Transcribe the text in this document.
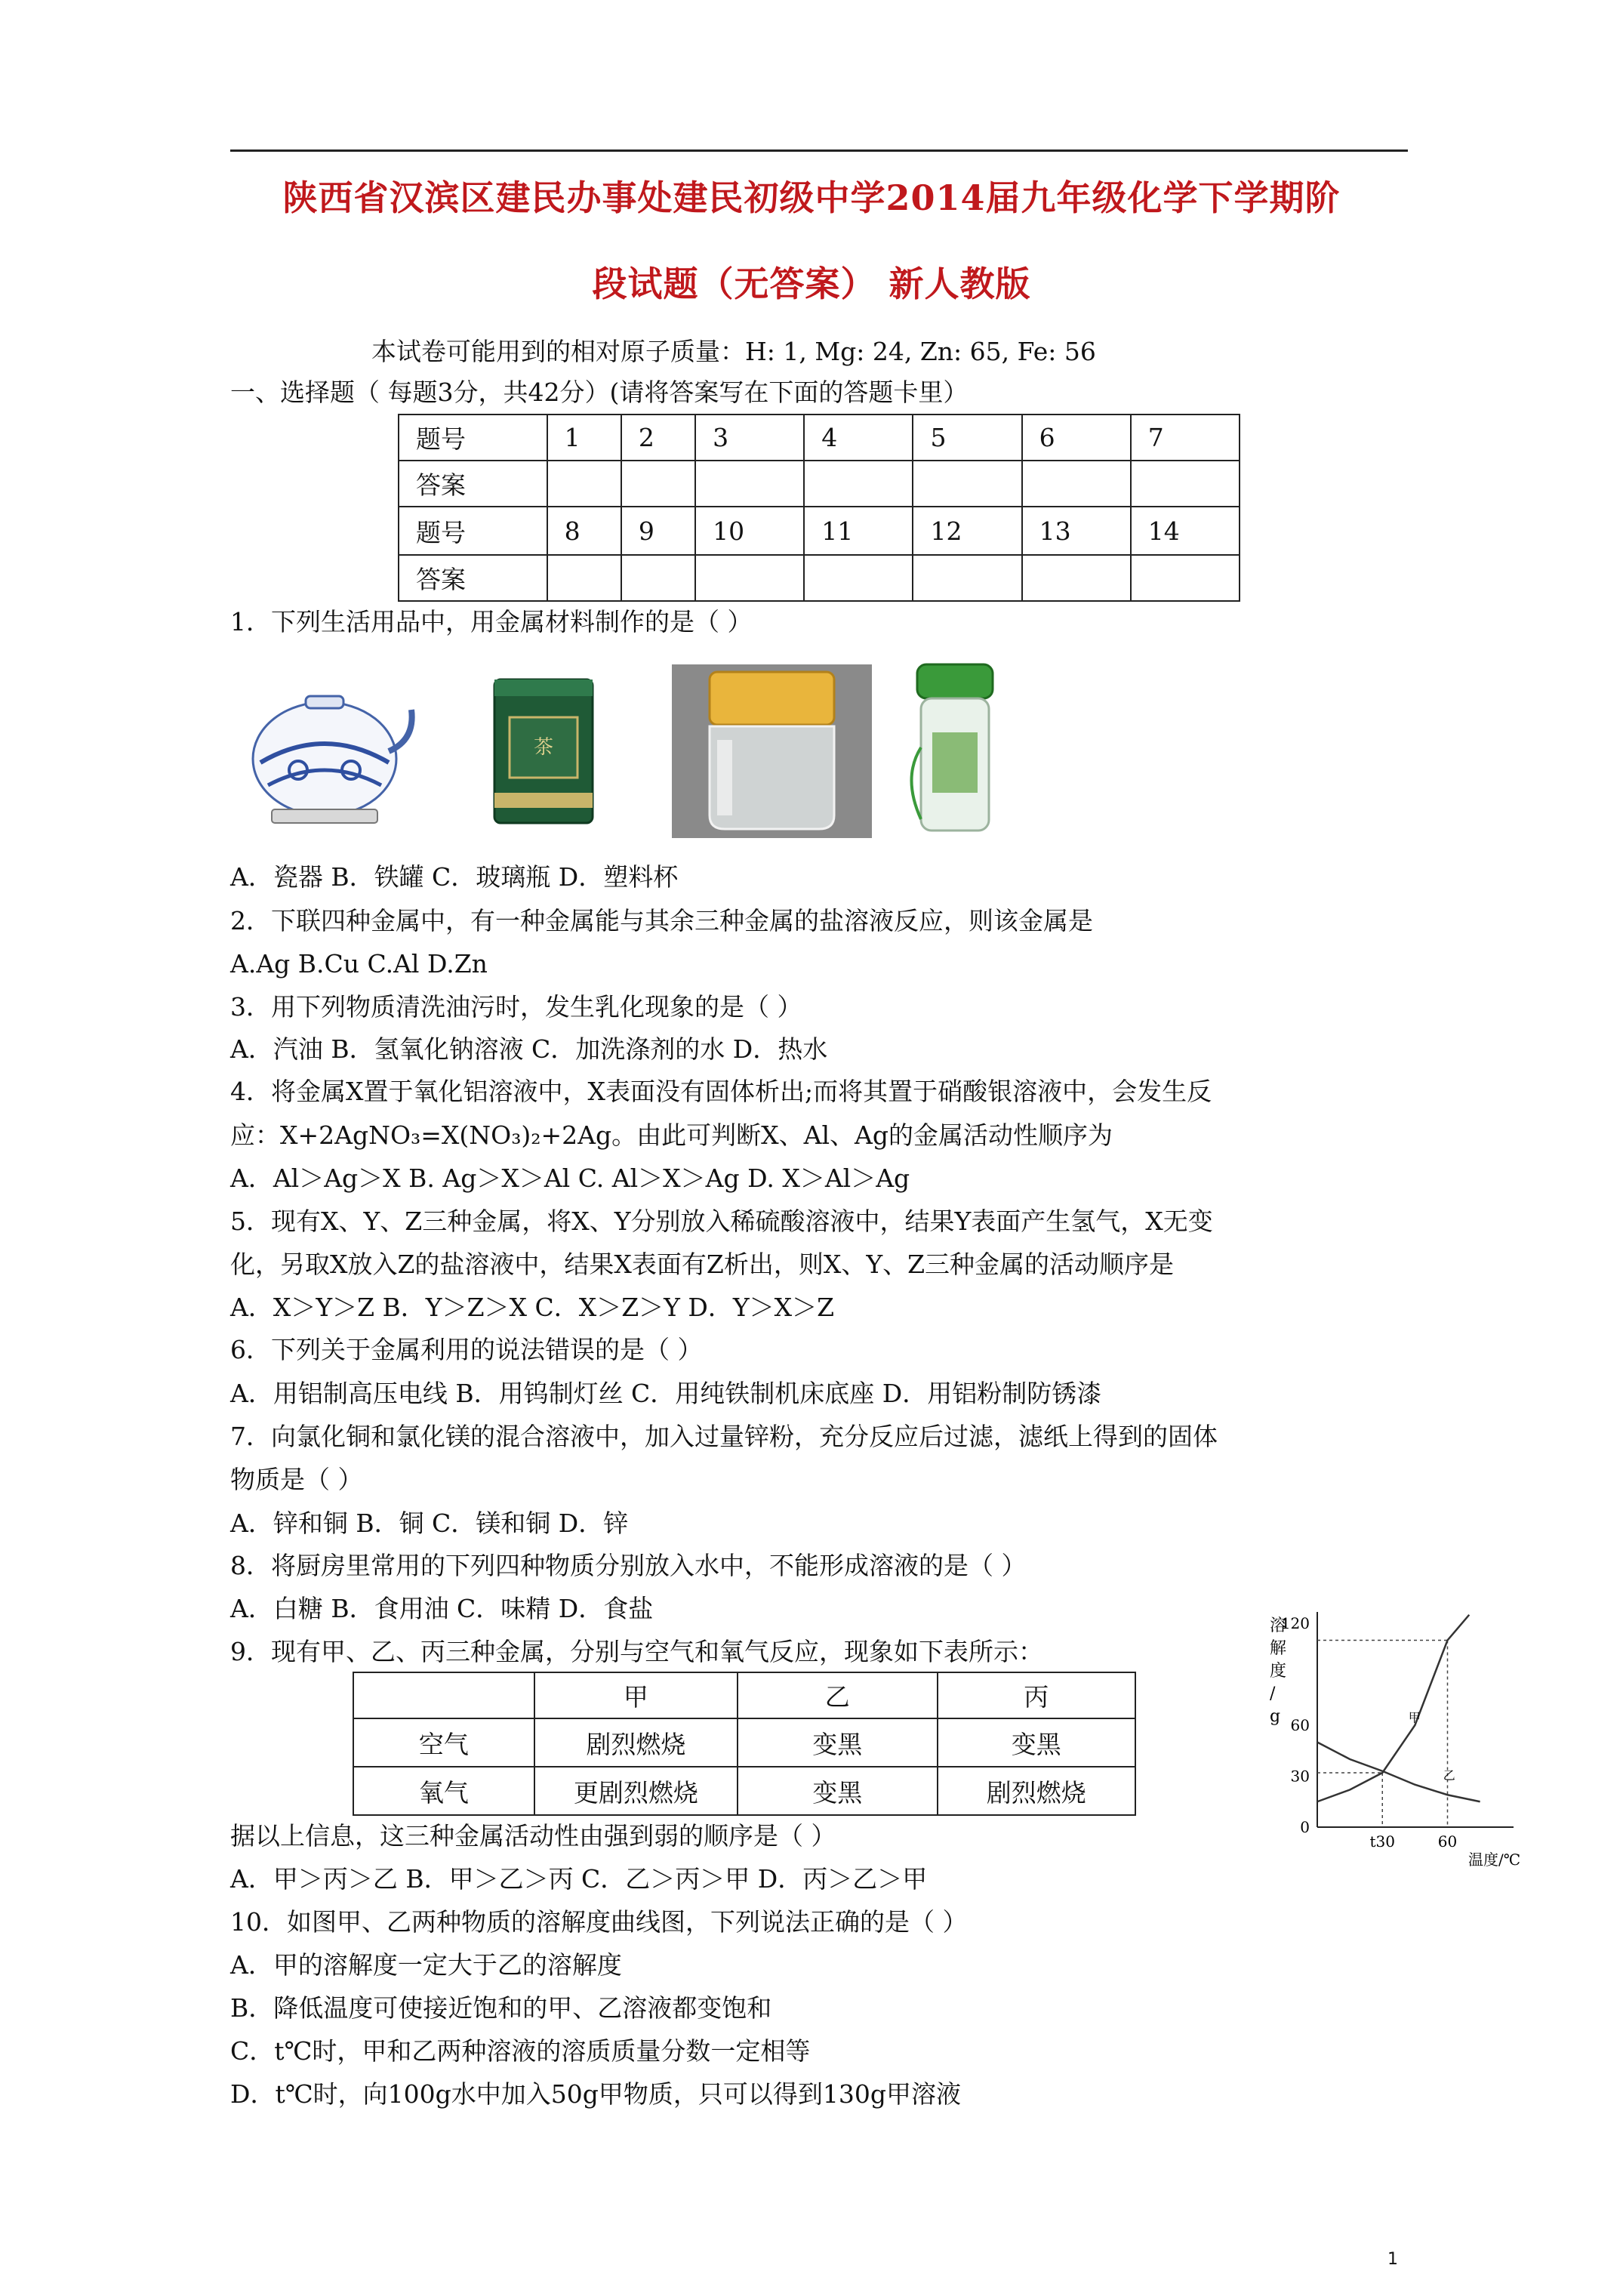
陕西省汉滨区建民办事处建民初级中学2014届九年级化学下学期阶
段试题（无答案） 新人教版
本试卷可能用到的相对原子质量：H: 1, Mg: 24, Zn: 65, Fe: 56
一、选择题（ 每题3分，共42分）(请将答案写在下面的答题卡里）
题号	1	2	3	4	5	6	7
答案							
题号	8	9	10	11	12	13	14
答案							
1．下列生活用品中，用金属材料制作的是（ ）
茶
A．瓷器 B．铁罐 C．玻璃瓶 D．塑料杯
2．下联四种金属中，有一种金属能与其余三种金属的盐溶液反应，则该金属是
A.Ag B.Cu C.Al D.Zn
3．用下列物质清洗油污时，发生乳化现象的是（ ）
A．汽油 B．氢氧化钠溶液 C．加洗涤剂的水 D．热水
4．将金属X置于氧化铝溶液中，X表面没有固体析出;而将其置于硝酸银溶液中，会发生反
应：X+2AgNO₃=X(NO₃)₂+2Ag。由此可判断X、Al、Ag的金属活动性顺序为
A．Al＞Ag＞X B. Ag＞X＞Al C. Al＞X＞Ag D. X＞Al＞Ag
5．现有X、Y、Z三种金属，将X、Y分别放入稀硫酸溶液中，结果Y表面产生氢气，X无变
化，另取X放入Z的盐溶液中，结果X表面有Z析出，则X、Y、Z三种金属的活动顺序是
A．X＞Y＞Z B．Y＞Z＞X C．X＞Z＞Y D．Y＞X＞Z
6．下列关于金属利用的说法错误的是（ ）
A．用铝制高压电线 B．用钨制灯丝 C．用纯铁制机床底座 D．用铝粉制防锈漆
7．向氯化铜和氯化镁的混合溶液中，加入过量锌粉，充分反应后过滤，滤纸上得到的固体
物质是（ ）
A．锌和铜 B．铜 C．镁和铜 D．锌
8．将厨房里常用的下列四种物质分别放入水中，不能形成溶液的是（ ）
A．白糖 B．食用油 C．味精 D．食盐
9．现有甲、乙、丙三种金属，分别与空气和氧气反应，现象如下表所示：
	甲	乙	丙
空气	剧烈燃烧	变黑	变黑
氧气	更剧烈燃烧	变黑	剧烈燃烧
据以上信息，这三种金属活动性由强到弱的顺序是（ ）
A．甲＞丙＞乙 B．甲＞乙＞丙 C．乙＞丙＞甲 D．丙＞乙＞甲
10．如图甲、乙两种物质的溶解度曲线图，下列说法正确的是（ ）
A．甲的溶解度一定大于乙的溶解度
B．降低温度可使接近饱和的甲、乙溶液都变饱和
C．t℃时，甲和乙两种溶液的溶质质量分数一定相等
D．t℃时，向100g水中加入50g甲物质，只可以得到130g甲溶液
溶解度/ g
温度/℃
0
30
60
120
t30	60
甲
乙
1
